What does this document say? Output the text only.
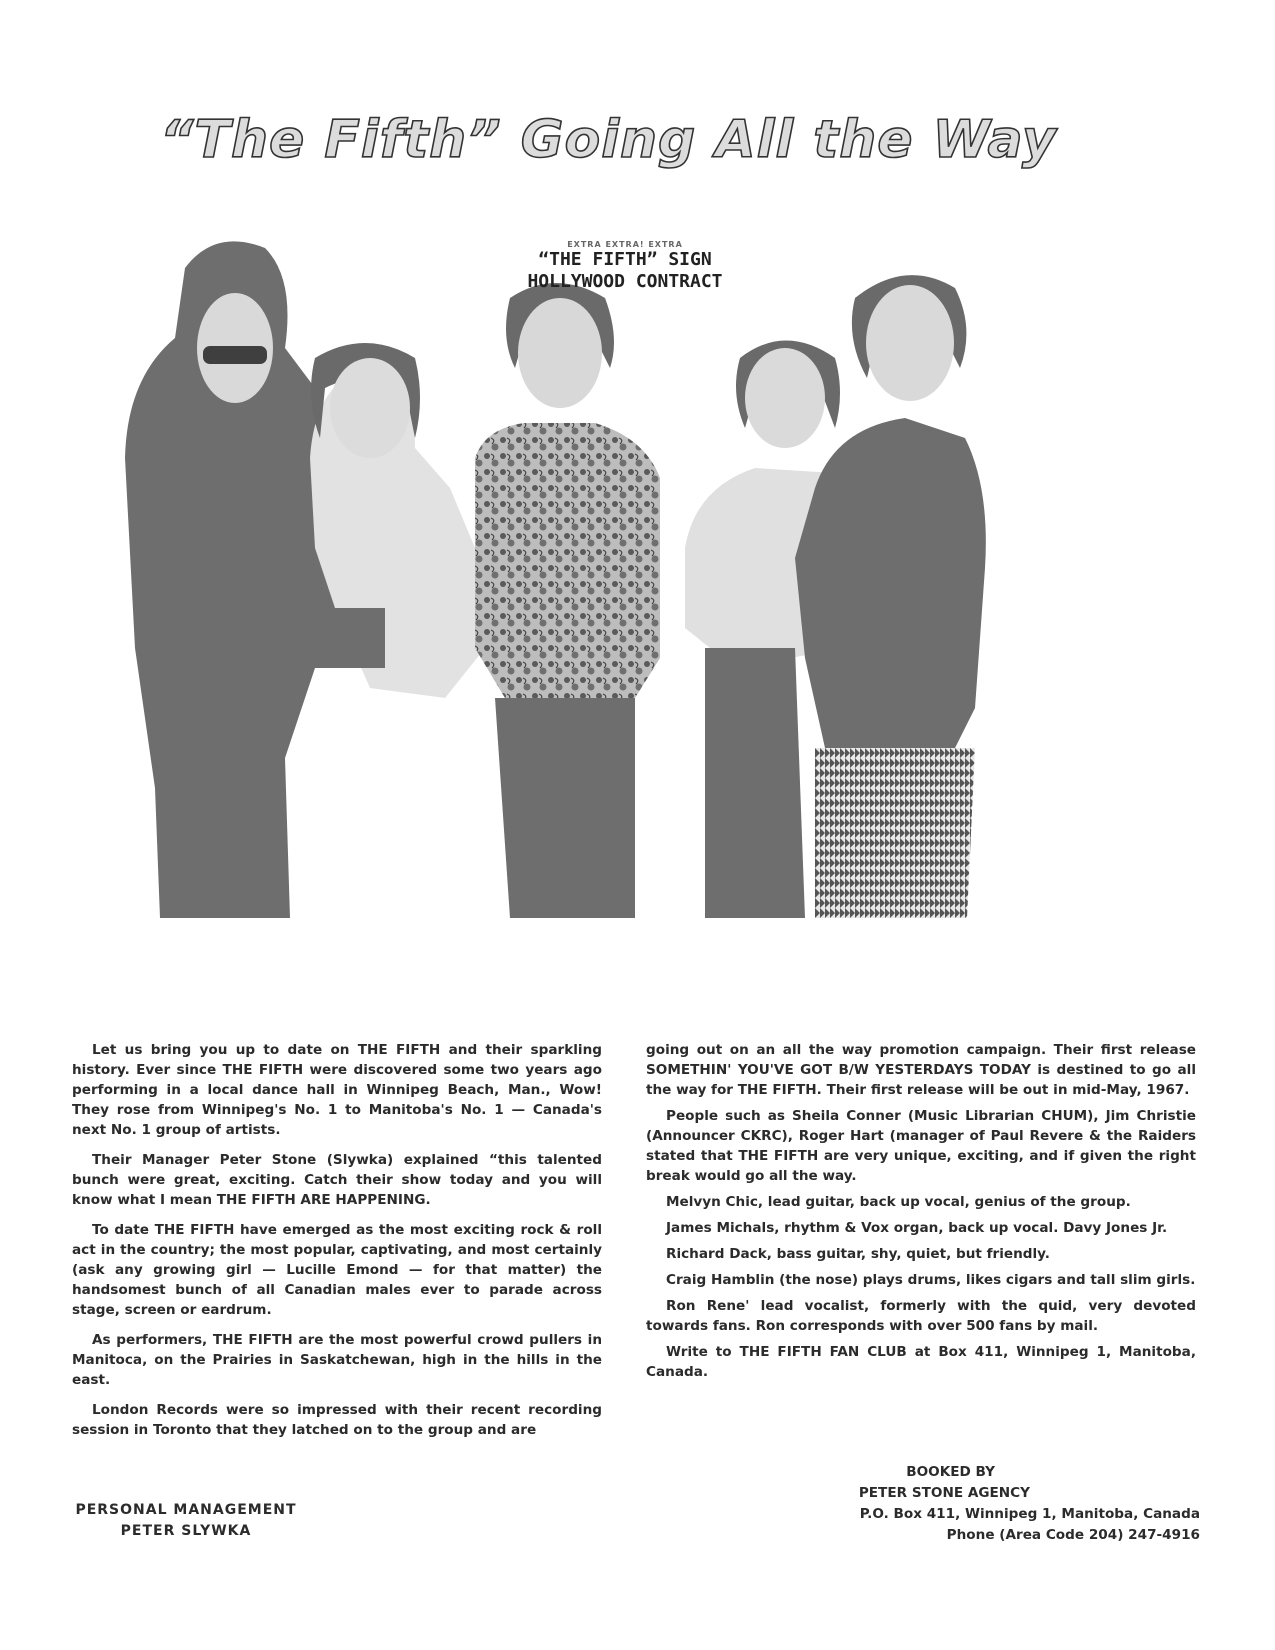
“The Fifth” Going All the Way
EXTRA EXTRA! EXTRA
“THE FIFTH” SIGN
HOLLYWOOD CONTRACT

Let us bring you up to date on THE FIFTH and their sparkling history. Ever since THE FIFTH were discovered some two years ago performing in a local dance hall in Winnipeg Beach, Man., Wow! They rose from Winnipeg's No. 1 to Manitoba's No. 1 — Canada's next No. 1 group of artists.

Their Manager Peter Stone (Slywka) explained “this talented bunch were great, exciting. Catch their show today and you will know what I mean THE FIFTH ARE HAPPENING.

To date THE FIFTH have emerged as the most exciting rock & roll act in the country; the most popular, captivating, and most certainly (ask any growing girl — Lucille Emond — for that matter) the handsomest bunch of all Canadian males ever to parade across stage, screen or eardrum.

As performers, THE FIFTH are the most powerful crowd pullers in Manitoca, on the Prairies in Saskatchewan, high in the hills in the east.

London Records were so impressed with their recent recording session in Toronto that they latched on to the group and are

going out on an all the way promotion campaign. Their first release SOMETHIN' YOU'VE GOT B/W YESTERDAYS TODAY is destined to go all the way for THE FIFTH. Their first release will be out in mid-May, 1967.

People such as Sheila Conner (Music Librarian CHUM), Jim Christie (Announcer CKRC), Roger Hart (manager of Paul Revere & the Raiders stated that THE FIFTH are very unique, exciting, and if given the right break would go all the way.

Melvyn Chic, lead guitar, back up vocal, genius of the group.

James Michals, rhythm & Vox organ, back up vocal. Davy Jones Jr.

Richard Dack, bass guitar, shy, quiet, but friendly.

Craig Hamblin (the nose) plays drums, likes cigars and tall slim girls.

Ron Rene' lead vocalist, formerly with the quid, very devoted towards fans. Ron corresponds with over 500 fans by mail.

Write to THE FIFTH FAN CLUB at Box 411, Winnipeg 1, Manitoba, Canada.

BOOKED BY
PETER STONE AGENCY
P.O. Box 411, Winnipeg 1, Manitoba, Canada
Phone (Area Code 204) 247-4916
PERSONAL MANAGEMENT
PETER SLYWKA
